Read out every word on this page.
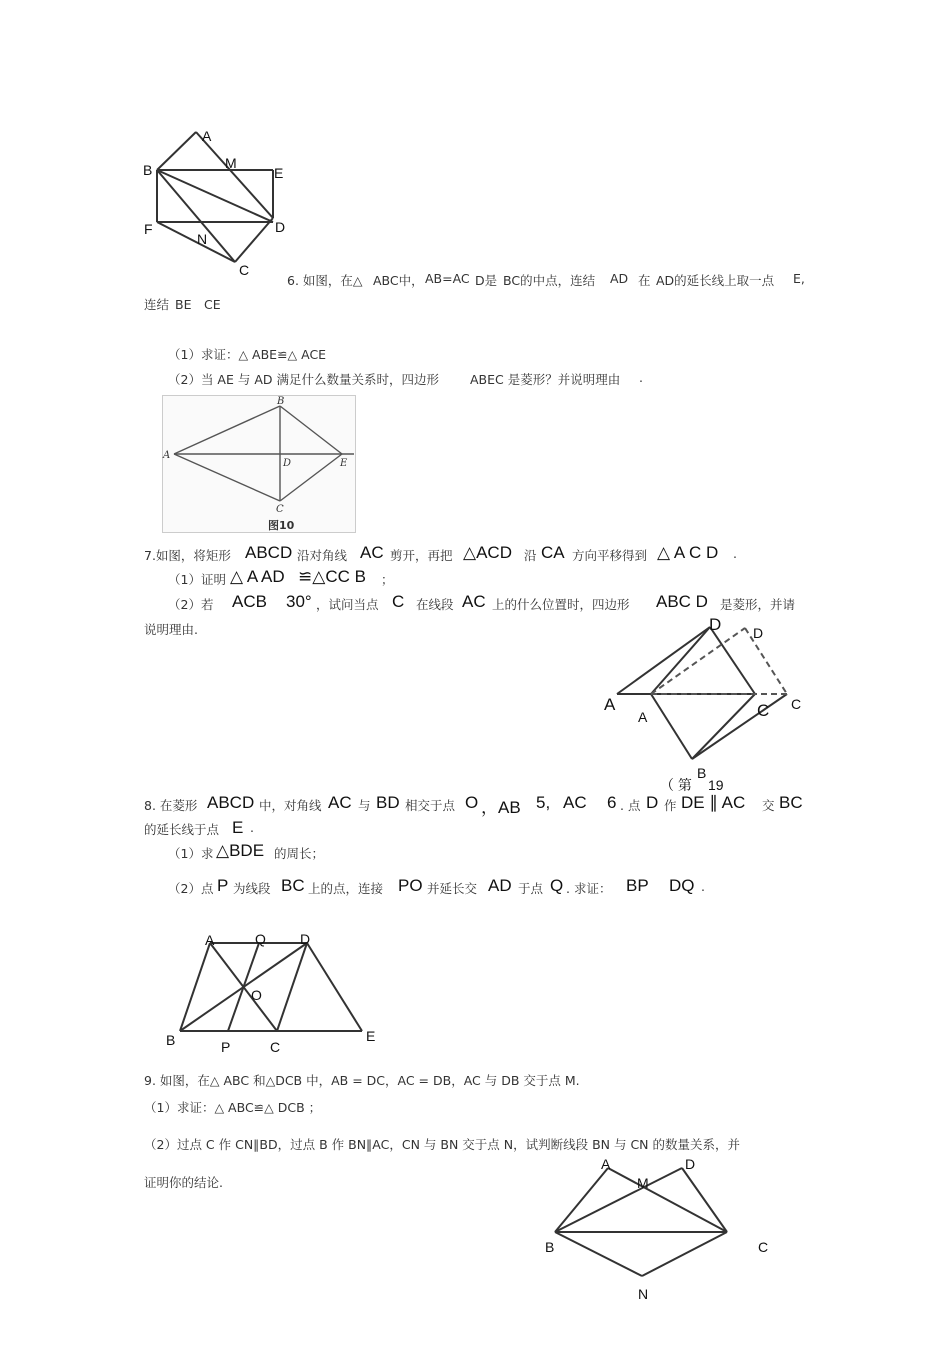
A
B	M
E
F
N
D
C
6. 如图，在△ ABC中， AB=AC D是 BC的中点，连结 AD 在 AD的延长线上取一点 E,
连结 BE CE
（1）求证：△ ABE≌△ ACE
（2）当 AE 与 AD 满足什么数量关系时，四边形 ABEC 是菱形？并说明理由 .
A
B
D	E
C
图10
7.如图，将矩形 ABCD 沿对角线 AC 剪开，再把 △ACD 沿 CA 方向平移得到 △ A C D .
（1）证明 △ A AD ≌△CC B ；
（2）若 ACB 30° ，试问当点 C 在线段 AC 上的什么位置时，四边形 ABC D 是菱形，并请
说明理由.	D D
A
A	C C
B
（ 第 19
8. 在菱形 ABCD 中，对角线 AC 与 BD 相交于点 O ，AB 5, AC 6 . 点 D 作 DE ∥ AC 交 BC
的延长线于点 E .
（1）求 △BDE 的周长；
（2）点 P 为线段 BC 上的点，连接 PO 并延长交 AD 于点 Q . 求证： BP DQ .
A	Q D
O
B	P	C
E
9. 如图，在△ ABC 和△DCB 中，AB = DC，AC = DB，AC 与 DB 交于点 M.
（1）求证：△ ABC≌△ DCB ；
（2）过点 C 作 CN∥BD，过点 B 作 BN∥AC，CN 与 BN 交于点 N，试判断线段 BN 与 CN 的数量关系，并
证明你的结论.
A	D
M
B	C
N
